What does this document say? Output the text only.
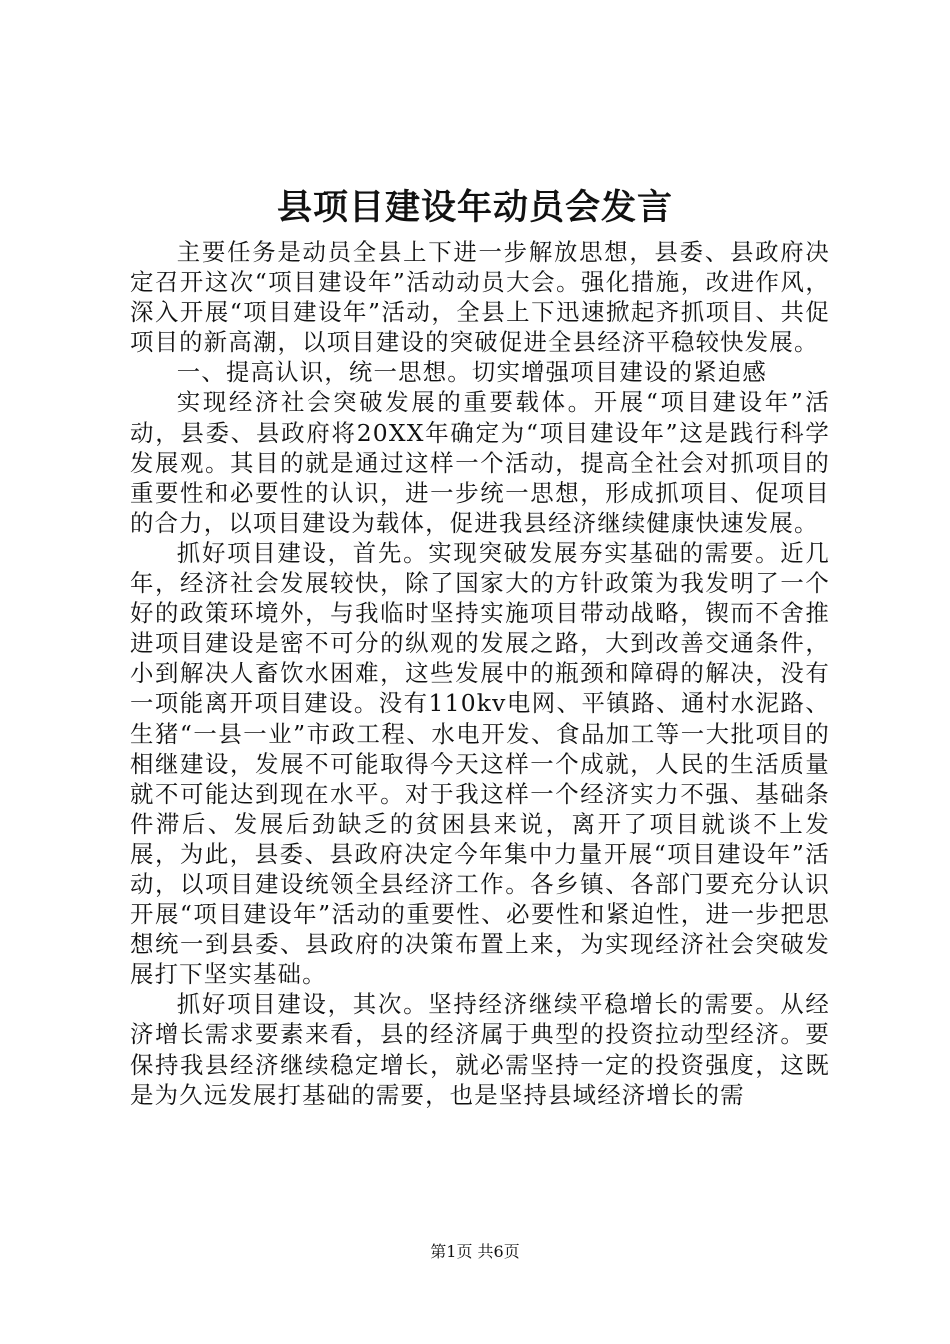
县项目建设年动员会发言

主要任务是动员全县上下进一步解放思想，县委、县政府决定召开这次“项目建设年”活动动员大会。强化措施，改进作风，深入开展“项目建设年”活动，全县上下迅速掀起齐抓项目、共促项目的新高潮，以项目建设的突破促进全县经济平稳较快发展。

一、提高认识，统一思想。切实增强项目建设的紧迫感

实现经济社会突破发展的重要载体。开展“项目建设年”活动，县委、县政府将20XX年确定为“项目建设年”这是践行科学发展观。其目的就是通过这样一个活动，提高全社会对抓项目的重要性和必要性的认识，进一步统一思想，形成抓项目、促项目的合力，以项目建设为载体，促进我县经济继续健康快速发展。

抓好项目建设，首先。实现突破发展夯实基础的需要。近几年，经济社会发展较快，除了国家大的方针政策为我发明了一个好的政策环境外，与我临时坚持实施项目带动战略，锲而不舍推进项目建设是密不可分的纵观的发展之路，大到改善交通条件，小到解决人畜饮水困难，这些发展中的瓶颈和障碍的解决，没有一项能离开项目建设。没有110kv电网、平镇路、通村水泥路、生猪“一县一业”市政工程、水电开发、食品加工等一大批项目的相继建设，发展不可能取得今天这样一个成就，人民的生活质量就不可能达到现在水平。对于我这样一个经济实力不强、基础条件滞后、发展后劲缺乏的贫困县来说，离开了项目就谈不上发展，为此，县委、县政府决定今年集中力量开展“项目建设年”活动，以项目建设统领全县经济工作。各乡镇、各部门要充分认识开展“项目建设年”活动的重要性、必要性和紧迫性，进一步把思想统一到县委、县政府的决策布置上来，为实现经济社会突破发展打下坚实基础。

抓好项目建设，其次。坚持经济继续平稳增长的需要。从经济增长需求要素来看，县的经济属于典型的投资拉动型经济。要保持我县经济继续稳定增长，就必需坚持一定的投资强度，这既是为久远发展打基础的需要，也是坚持县域经济增长的需

第1页 共6页
